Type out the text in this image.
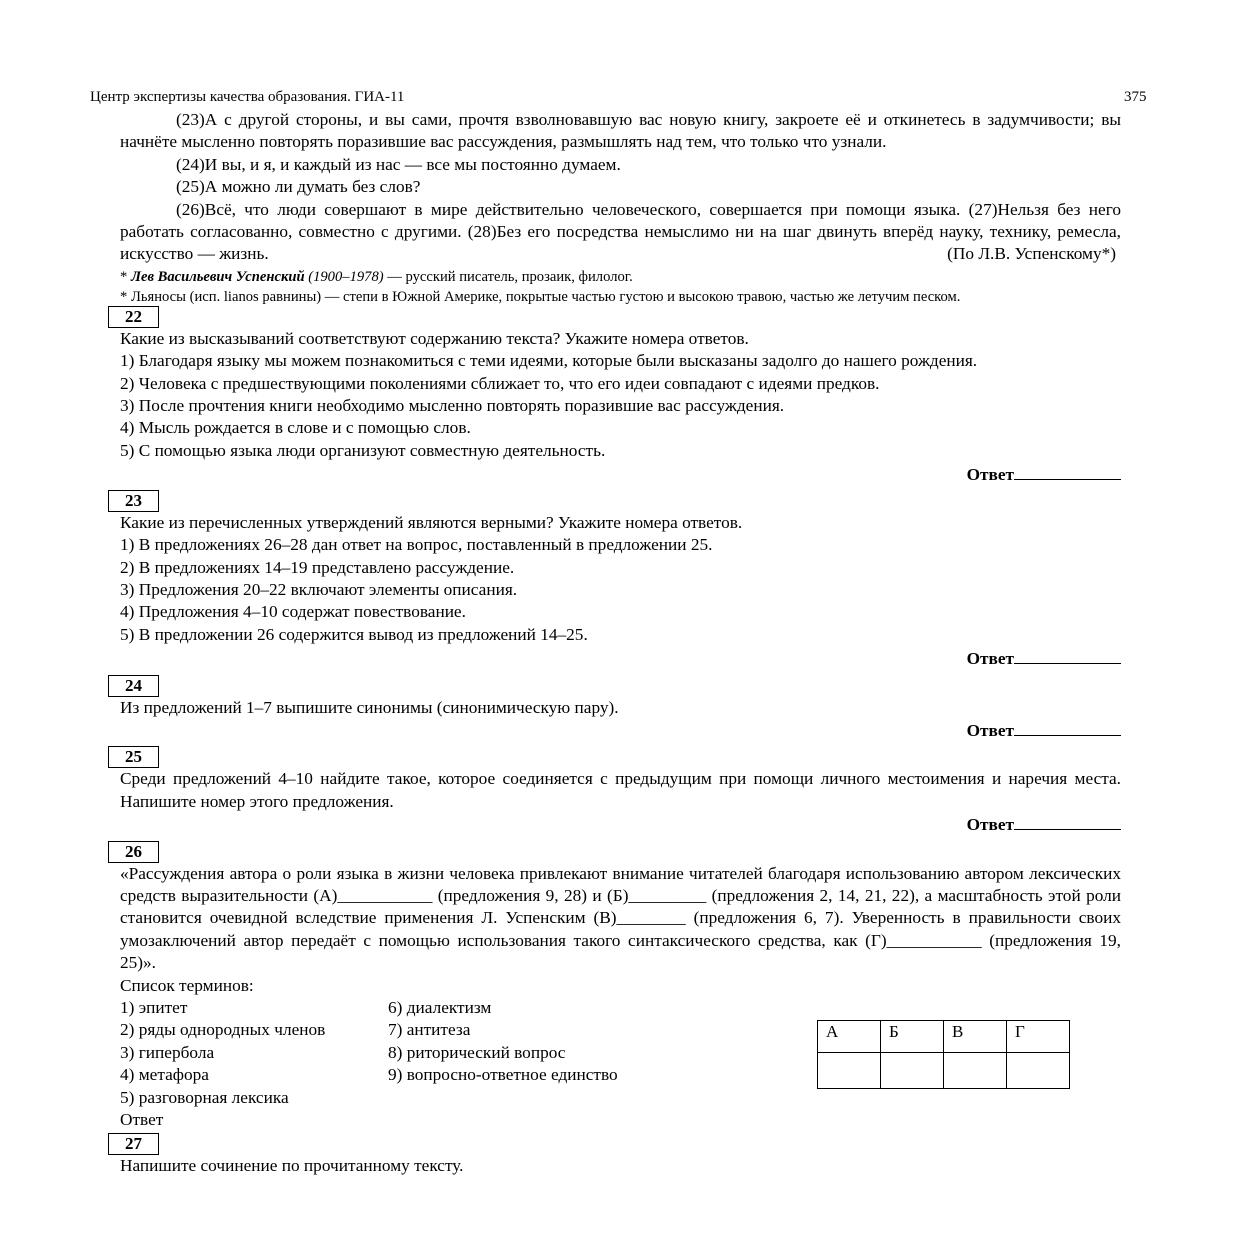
Центр экспертизы качества образования. ГИА-11	375

(23)А с другой стороны, и вы сами, прочтя взволновавшую вас новую книгу, закроете её и откинетесь в задумчивости; вы начнёте мысленно повторять поразившие вас рассуждения, размышлять над тем, что только что узнали.

(24)И вы, и я, и каждый из нас — все мы постоянно думаем.

(25)А можно ли думать без слов?

(26)Всё, что люди совершают в мире действительно человеческого, совершается при помощи языка. (27)Нельзя без него работать согласованно, совместно с другими. (28)Без его посредства немыслимо ни на шаг двинуть вперёд науку, технику, ремесла, искусство — жизнь.	(По Л.В. Успенскому*)

* Лев Васильевич Успенский (1900–1978) — русский писатель, прозаик, филолог.

* Льяносы (исп. lianos равнины) — степи в Южной Америке, покрытые частью густою и высокою травою, частью же летучим песком.

22

Какие из высказываний соответствуют содержанию текста? Укажите номера ответов.

1) Благодаря языку мы можем познакомиться с теми идеями, которые были высказаны задолго до нашего рождения.

2) Человека с предшествующими поколениями сближает то, что его идеи совпадают с идеями предков.

3) После прочтения книги необходимо мысленно повторять поразившие вас рассуждения.

4) Мысль рождается в слове и с помощью слов.

5) С помощью языка люди организуют совместную деятельность.

Ответ

23

Какие из перечисленных утверждений являются верными? Укажите номера ответов.

1) В предложениях 26–28 дан ответ на вопрос, поставленный в предложении 25.

2) В предложениях 14–19 представлено рассуждение.

3) Предложения 20–22 включают элементы описания.

4) Предложения 4–10 содержат повествование.

5) В предложении 26 содержится вывод из предложений 14–25.

Ответ

24

Из предложений 1–7 выпишите синонимы (синонимическую пару).

Ответ

25

Среди предложений 4–10 найдите такое, которое соединяется с предыдущим при помощи личного местоимения и наречия места. Напишите номер этого предложения.

Ответ

26

«Рассуждения автора о роли языка в жизни человека привлекают внимание читателей благодаря использованию автором лексических средств выразительности (А)___________ (предложения 9, 28) и (Б)_________ (предложения 2, 14, 21, 22), а масштабность этой роли становится очевидной вследствие применения Л. Успенским (В)________ (предложения 6, 7). Уверенность в правильности своих умозаключений автор передаёт с помощью использования такого синтаксического средства, как (Г)___________ (предложения 19, 25)».

Список терминов:

1) эпитет
2) ряды однородных членов
3) гипербола
4) метафора
5) разговорная лексика
6) диалектизм
7) антитеза
8) риторический вопрос
9) вопросно-ответное единство
А	Б	В	Г

Ответ

27

Напишите сочинение по прочитанному тексту.
